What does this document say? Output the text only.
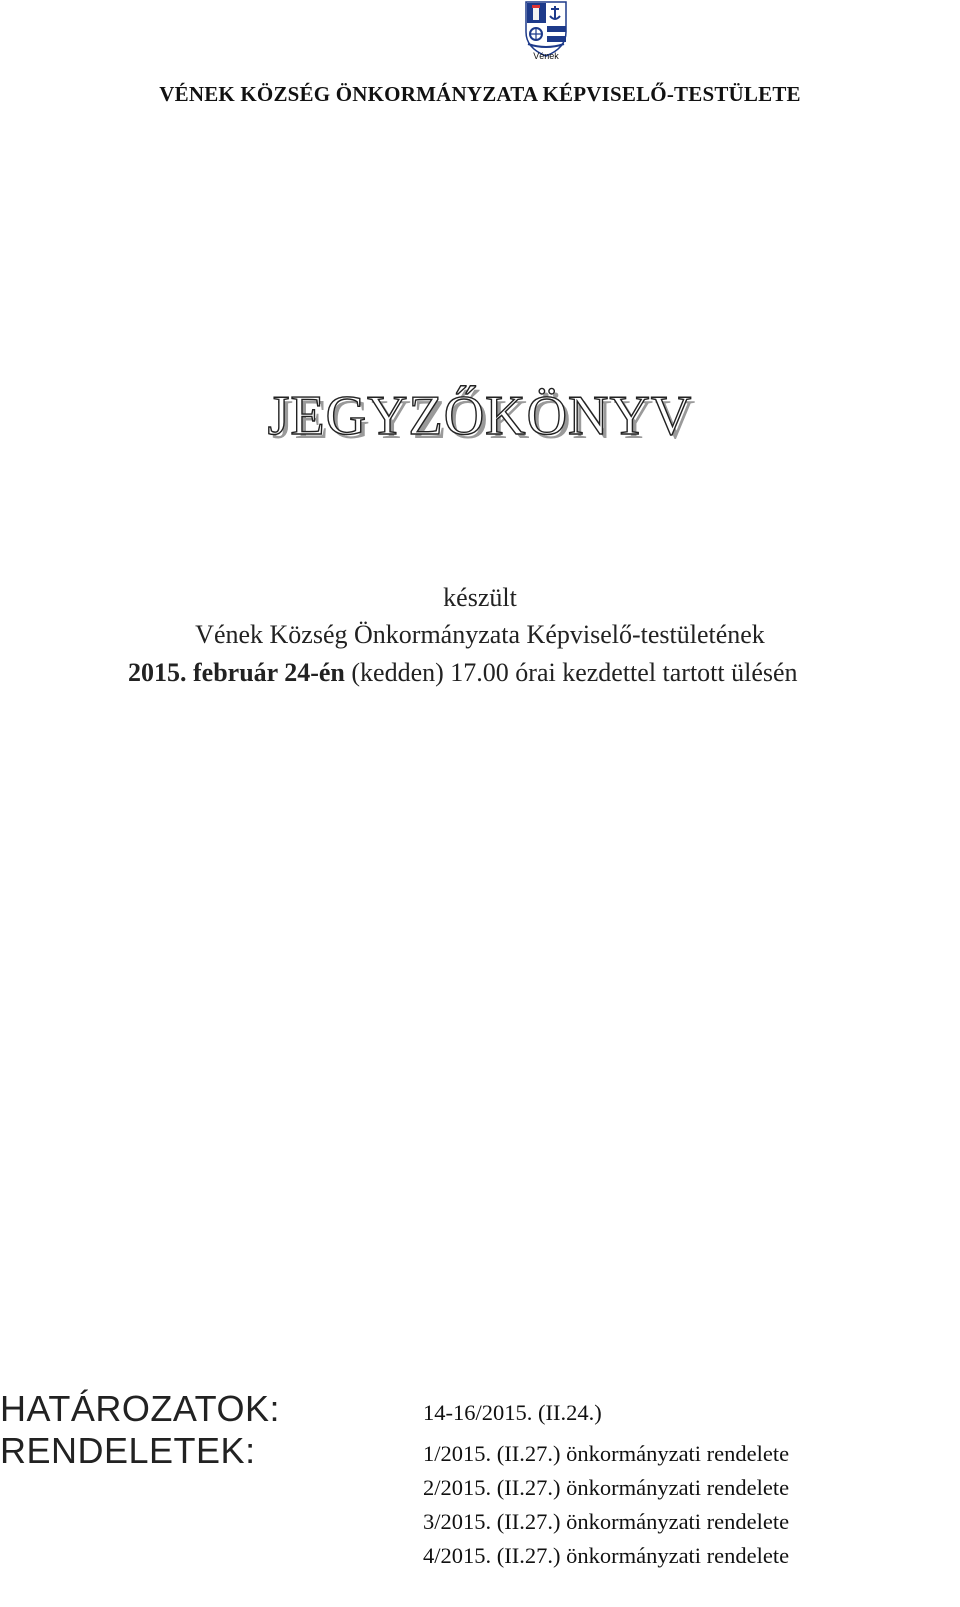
Vének
VÉNEK KÖZSÉG ÖNKORMÁNYZATA KÉPVISELŐ-TESTÜLETE
JEGYZŐKÖNYV
készült
Vének Község Önkormányzata Képviselő-testületének
2015. február 24-én (kedden) 17.00 órai kezdettel tartott ülésén
HATÁROZATOK:	14-16/2015. (II.24.)
RENDELETEK:	1/2015. (II.27.) önkormányzati rendelete
2/2015. (II.27.) önkormányzati rendelete
3/2015. (II.27.) önkormányzati rendelete
4/2015. (II.27.) önkormányzati rendelete
